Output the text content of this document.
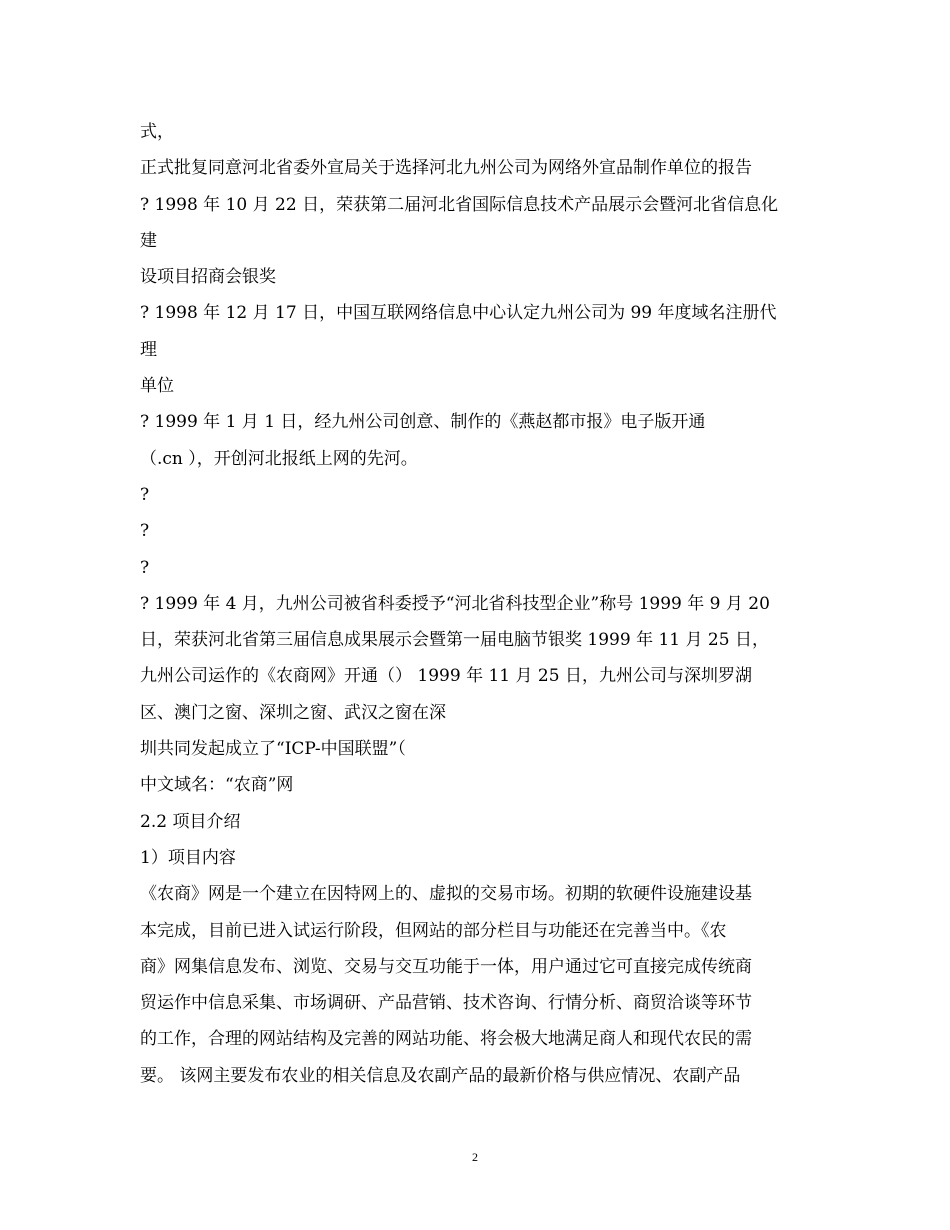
式，
正式批复同意河北省委外宣局关于选择河北九州公司为网络外宣品制作单位的报告
? 1998 年 10 月 22 日，荣获第二届河北省国际信息技术产品展示会暨河北省信息化
建
设项目招商会银奖
? 1998 年 12 月 17 日，中国互联网络信息中心认定九州公司为 99 年度域名注册代
理
单位
? 1999 年 1 月 1 日，经九州公司创意、制作的《燕赵都市报》电子版开通
（.cn ），开创河北报纸上网的先河。
?
?
?
? 1999 年 4 月，九州公司被省科委授予“河北省科技型企业”称号 1999 年 9 月 20
日，荣获河北省第三届信息成果展示会暨第一届电脑节银奖 1999 年 11 月 25 日，
九州公司运作的《农商网》开通（） 1999 年 11 月 25 日，九州公司与深圳罗湖
区、澳门之窗、深圳之窗、武汉之窗在深
圳共同发起成立了“ICP-中国联盟”（
中文域名：“农商”网
2.2 项目介绍
1）项目内容
《农商》网是一个建立在因特网上的、虚拟的交易市场。初期的软硬件设施建设基
本完成，目前已进入试运行阶段，但网站的部分栏目与功能还在完善当中。《农
商》网集信息发布、浏览、交易与交互功能于一体，用户通过它可直接完成传统商
贸运作中信息采集、市场调研、产品营销、技术咨询、行情分析、商贸洽谈等环节
的工作，合理的网站结构及完善的网站功能、将会极大地满足商人和现代农民的需
要。 该网主要发布农业的相关信息及农副产品的最新价格与供应情况、农副产品
2
